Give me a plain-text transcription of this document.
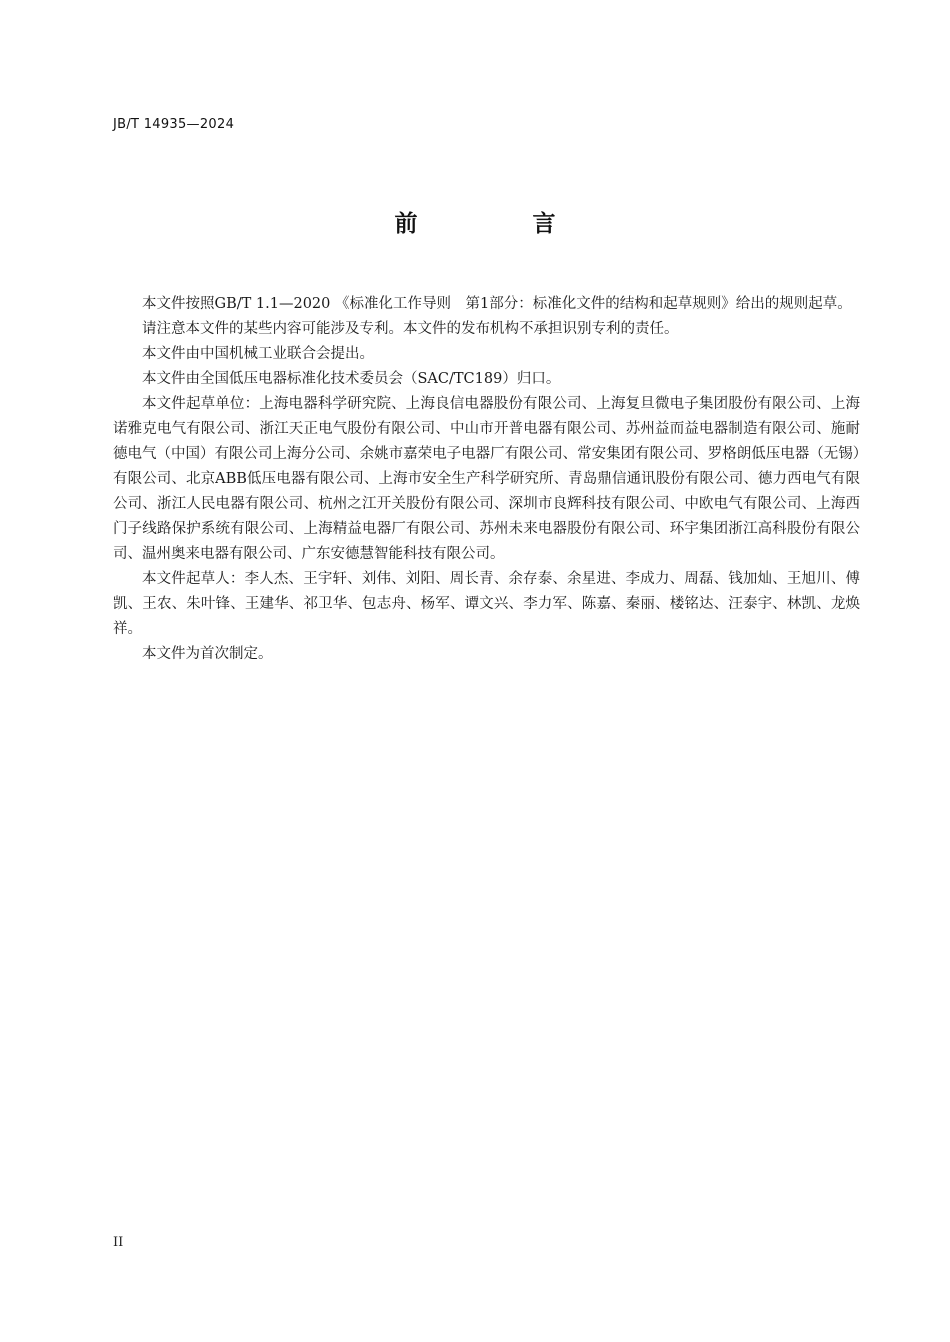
JB/T 14935—2024
前　言

本文件按照GB/T 1.1—2020 《标准化工作导则　第1部分：标准化文件的结构和起草规则》给出的规则起草。

请注意本文件的某些内容可能涉及专利。本文件的发布机构不承担识别专利的责任。

本文件由中国机械工业联合会提出。

本文件由全国低压电器标准化技术委员会（SAC/TC189）归口。

本文件起草单位：上海电器科学研究院、上海良信电器股份有限公司、上海复旦微电子集团股份有限公司、上海诺雅克电气有限公司、浙江天正电气股份有限公司、中山市开普电器有限公司、苏州益而益电器制造有限公司、施耐德电气（中国）有限公司上海分公司、余姚市嘉荣电子电器厂有限公司、常安集团有限公司、罗格朗低压电器（无锡）有限公司、北京ABB低压电器有限公司、上海市安全生产科学研究所、青岛鼎信通讯股份有限公司、德力西电气有限公司、浙江人民电器有限公司、杭州之江开关股份有限公司、深圳市良辉科技有限公司、中欧电气有限公司、上海西门子线路保护系统有限公司、上海精益电器厂有限公司、苏州未来电器股份有限公司、环宇集团浙江高科股份有限公司、温州奥来电器有限公司、广东安德慧智能科技有限公司。

本文件起草人：李人杰、王宇轩、刘伟、刘阳、周长青、余存泰、余星进、李成力、周磊、钱加灿、王旭川、傅凯、王农、朱叶锋、王建华、祁卫华、包志舟、杨军、谭文兴、李力军、陈嘉、秦丽、楼铭达、汪泰宇、林凯、龙焕祥。

本文件为首次制定。

II
